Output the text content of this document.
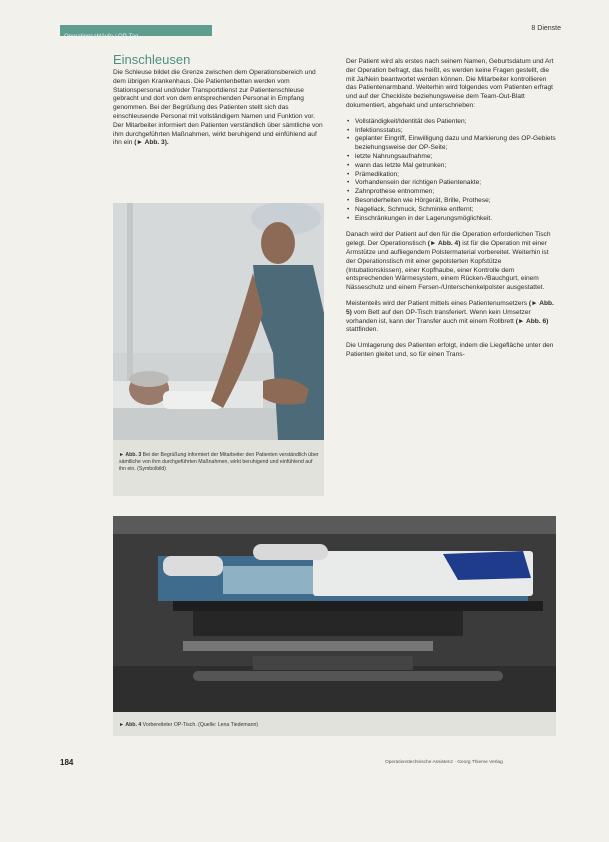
Operationsabläufe / OP-Tag
8 Dienste
Einschleusen

Die Schleuse bildet die Grenze zwischen dem Operationsbereich und dem übrigen Krankenhaus. Die Patientenbetten werden vom Stationspersonal und/oder Transportdienst zur Patientenschleuse gebracht und dort von dem entsprechenden Personal in Empfang genommen. Bei der Begrüßung des Patienten stellt sich das einschleusende Personal mit vollständigem Namen und Funktion vor. Der Mitarbeiter informiert den Patienten verständlich über sämtliche von ihm durchgeführten Maßnahmen, wirkt beruhigend und einfühlend auf ihn ein (► Abb. 3).

► Abb. 3 Bei der Begrüßung informiert der Mitarbeiter den Patienten verständlich über sämtliche von ihm durchgeführten Maßnahmen, wirkt beruhigend und einfühlend auf ihn ein. (Symbolbild)

Der Patient wird als erstes nach seinem Namen, Geburtsdatum und Art der Operation befragt, das heißt, es werden keine Fragen gestellt, die mit Ja/Nein beantwortet werden können. Die Mitarbeiter kontrollieren das Patientenarmband. Weiterhin wird folgendes vom Patienten erfragt und auf der Checkliste beziehungsweise dem Team-Out-Blatt dokumentiert, abgehakt und unterschrieben:

• Vollständigkeit/Identität des Patienten;
• Infektionsstatus;
• geplanter Eingriff, Einwilligung dazu und Markierung des OP-Gebiets beziehungsweise der OP-Seite;
• letzte Nahrungsaufnahme;
• wann das letzte Mal getrunken;
• Prämedikation;
• Vorhandensein der richtigen Patientenakte;
• Zahnprothese entnommen;
• Besonderheiten wie Hörgerät, Brille, Prothese;
• Nagellack, Schmuck, Schminke entfernt;
• Einschränkungen in der Lagerungsmöglichkeit.

Danach wird der Patient auf den für die Operation erforderlichen Tisch gelegt. Der Operationstisch (► Abb. 4) ist für die Operation mit einer Armstütze und aufliegendem Polstermaterial vorbereitet. Weiterhin ist der Operationstisch mit einer gepolsterten Kopfstütze (Intubationskissen), einer Kopfhaube, einer Kontrolle dem entsprechenden Wärmesystem, einem Rücken-/Bauchgurt, einem Nässeschutz und einem Fersen-/Unterschenkelpolster ausgestattet.

Meistenteils wird der Patient mittels eines Patientenumsetzers (► Abb. 5) vom Bett auf den OP-Tisch transferiert. Wenn kein Umsetzer vorhanden ist, kann der Transfer auch mit einem Rollbrett (► Abb. 6) stattfinden.

Die Umlagerung des Patienten erfolgt, indem die Liegefläche unter den Patienten gleitet und, so für einen Trans-

► Abb. 4 Vorbereiteter OP-Tisch. (Quelle: Lena Tiedemann)
184	Operationstechnische Assistenz · Georg Thieme Verlag
